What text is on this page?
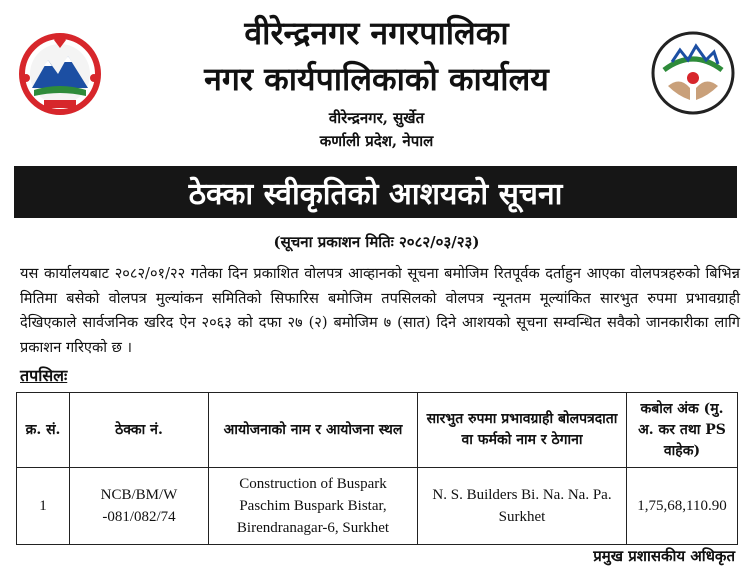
वीरेन्द्रनगर नगरपालिका
नगर कार्यपालिकाको कार्यालय
वीरेन्द्रनगर, सुर्खेत
कर्णाली प्रदेश, नेपाल
ठेक्का स्वीकृतिको आशयको सूचना
(सूचना प्रकाशन मितिः २०८२/०३/२३)
यस कार्यालयबाट २०८२/०१/२२ गतेका दिन प्रकाशित वोलपत्र आव्हानको सूचना बमोजिम रितपूर्वक दर्ताहुन आएका वोलपत्रहरुको बिभिन्न मितिमा बसेको वोलपत्र मुल्यांकन समितिको सिफारिस बमोजिम तपसिलको वोलपत्र न्यूनतम मूल्यांकित सारभुत रुपमा प्रभावग्राही देखिएकाले सार्वजनिक खरिद ऐन २०६३ को दफा २७ (२) बमोजिम ७ (सात) दिने आशयको सूचना सम्वन्धित सवैको जानकारीका लागि प्रकाशन गरिएको छ ।
तपसिलः
क्र. सं.	ठेक्का नं.	आयोजनाको नाम र आयोजना स्थल	सारभुत रुपमा प्रभावग्राही बोलपत्रदाता वा फर्मको नाम र ठेगाना	कबोल अंक (मु. अ. कर तथा PS वाहेक)
1	NCB/BM/W -081/082/74	Construction of Buspark Paschim Buspark Bistar, Birendranagar-6, Surkhet	N. S. Builders Bi. Na. Na. Pa. Surkhet	1,75,68,110.90
प्रमुख प्रशासकीय अधिकृत
